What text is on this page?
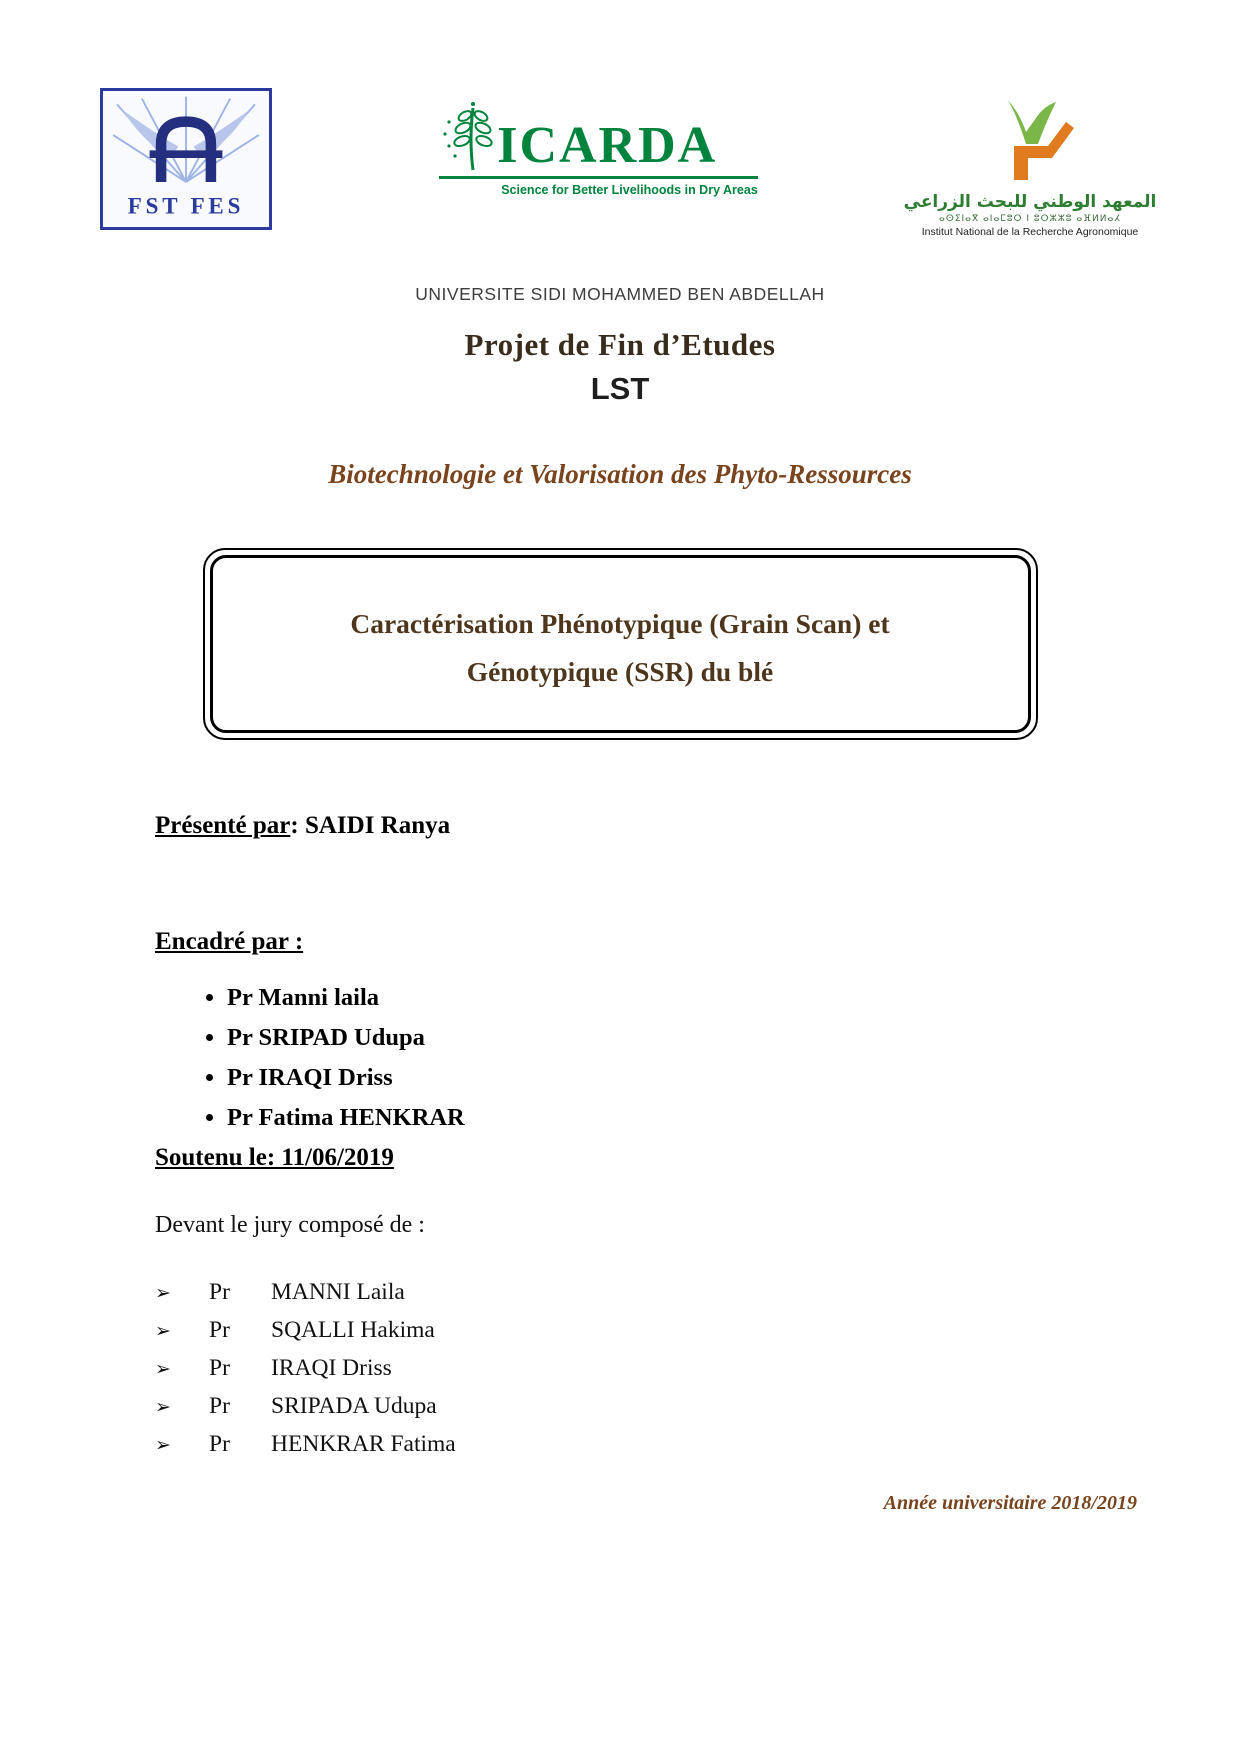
FST FES
ICARDA
Science for Better Livelihoods in Dry Areas
المعهد الوطني للبحث الزراعي
ⴰⵙⵉⵏⴰⴳ ⴰⵏⴰⵎⵓⵔ ⵏ ⵓⵔⵣⵣⵓ ⴰⴼⵍⵍⴰⵃ
Institut National de la Recherche Agronomique
UNIVERSITE SIDI MOHAMMED BEN ABDELLAH
Projet de Fin d’Etudes
LST
Biotechnologie et Valorisation des Phyto-Ressources
Caractérisation Phénotypique (Grain Scan) et
Génotypique (SSR) du blé
Présenté par: SAIDI Ranya
Encadré par :
• Pr Manni laila
• Pr SRIPAD Udupa
• Pr IRAQI Driss
• Pr Fatima HENKRAR
Soutenu le: 11/06/2019
Devant le jury composé de :
➢	Pr	MANNI Laila
➢	Pr	SQALLI Hakima
➢	Pr	IRAQI Driss
➢	Pr	SRIPADA Udupa
➢	Pr	HENKRAR Fatima
Année universitaire 2018/2019
